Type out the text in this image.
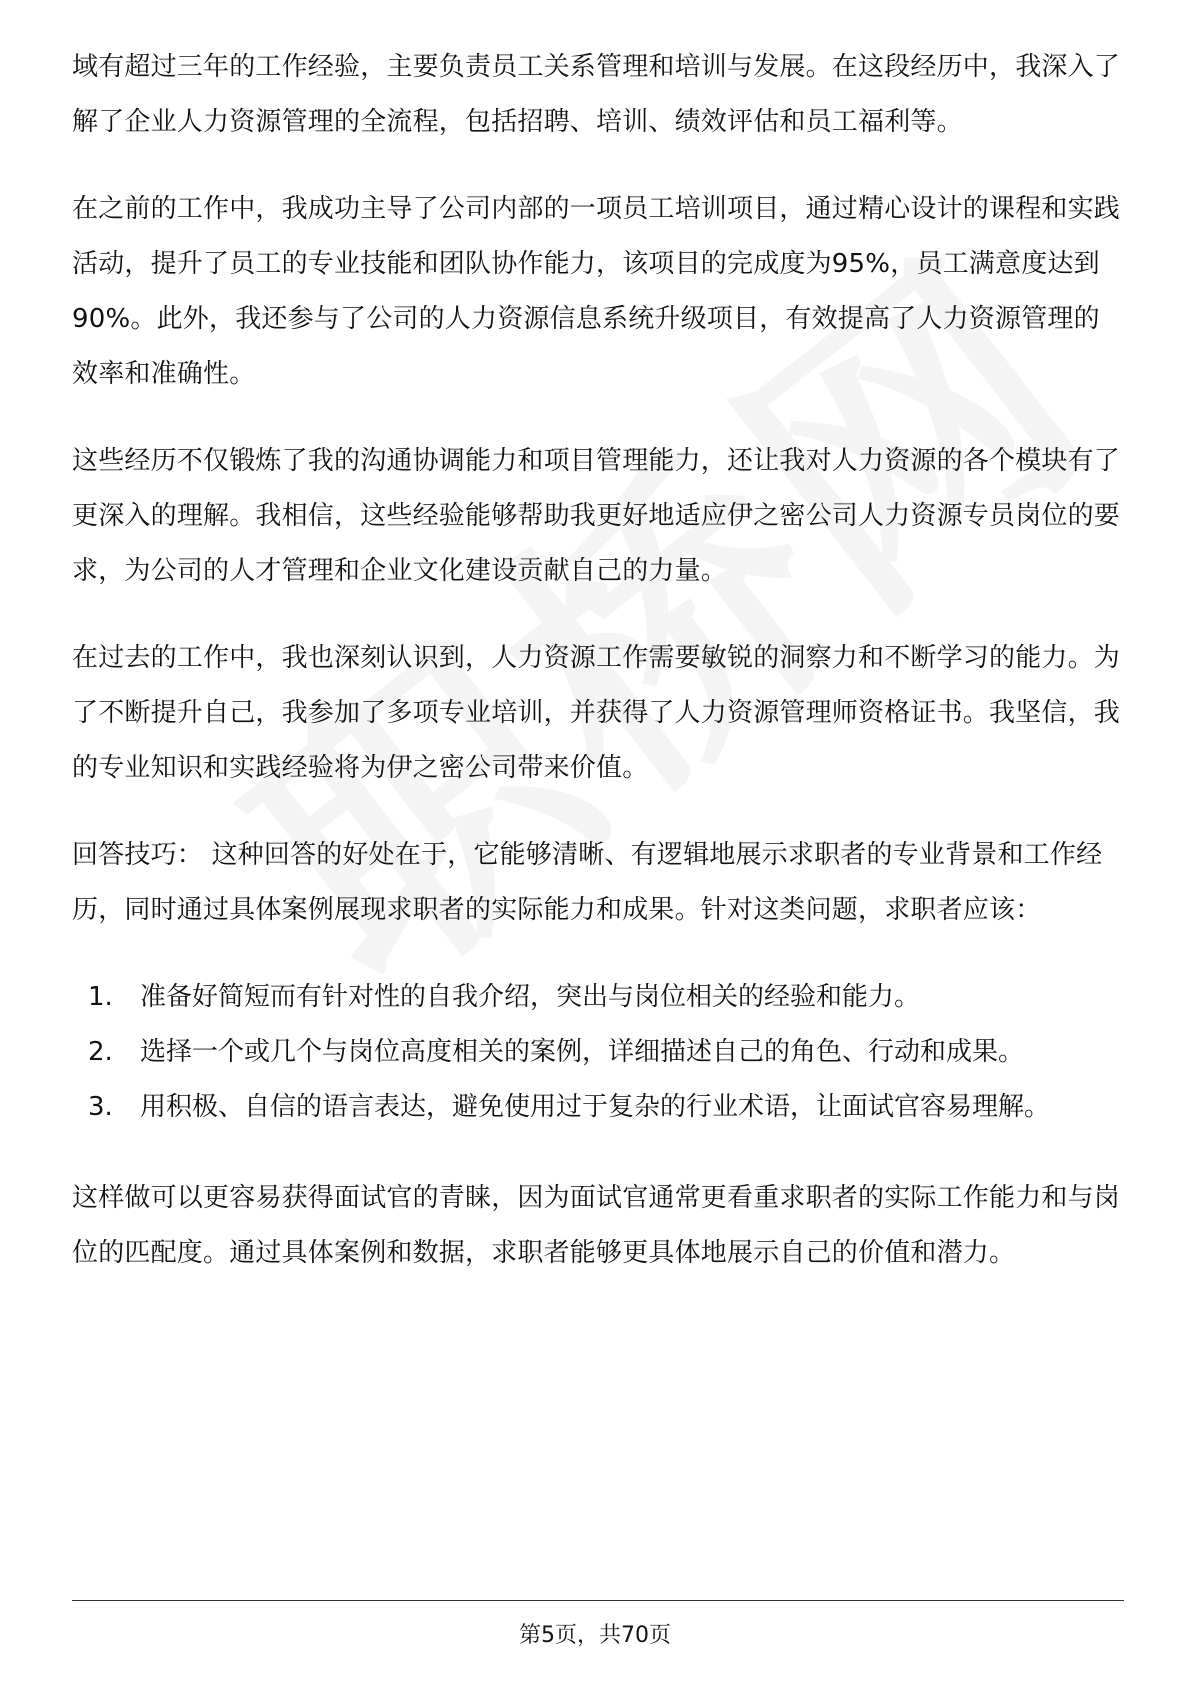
域有超过三年的工作经验，主要负责员工关系管理和培训与发展。在这段经历中，我深入了解了企业人力资源管理的全流程，包括招聘、培训、绩效评估和员工福利等。

在之前的工作中，我成功主导了公司内部的一项员工培训项目，通过精心设计的课程和实践活动，提升了员工的专业技能和团队协作能力，该项目的完成度为95%，员工满意度达到90%。此外，我还参与了公司的人力资源信息系统升级项目，有效提高了人力资源管理的效率和准确性。

这些经历不仅锻炼了我的沟通协调能力和项目管理能力，还让我对人力资源的各个模块有了更深入的理解。我相信，这些经验能够帮助我更好地适应伊之密公司人力资源专员岗位的要求，为公司的人才管理和企业文化建设贡献自己的力量。

在过去的工作中，我也深刻认识到，人力资源工作需要敏锐的洞察力和不断学习的能力。为了不断提升自己，我参加了多项专业培训，并获得了人力资源管理师资格证书。我坚信，我的专业知识和实践经验将为伊之密公司带来价值。

回答技巧： 这种回答的好处在于，它能够清晰、有逻辑地展示求职者的专业背景和工作经历，同时通过具体案例展现求职者的实际能力和成果。针对这类问题，求职者应该：

1.	准备好简短而有针对性的自我介绍，突出与岗位相关的经验和能力。
2.	选择一个或几个与岗位高度相关的案例，详细描述自己的角色、行动和成果。
3.	用积极、自信的语言表达，避免使用过于复杂的行业术语，让面试官容易理解。

这样做可以更容易获得面试官的青睐，因为面试官通常更看重求职者的实际工作能力和与岗位的匹配度。通过具体案例和数据，求职者能够更具体地展示自己的价值和潜力。

第5页，共70页
